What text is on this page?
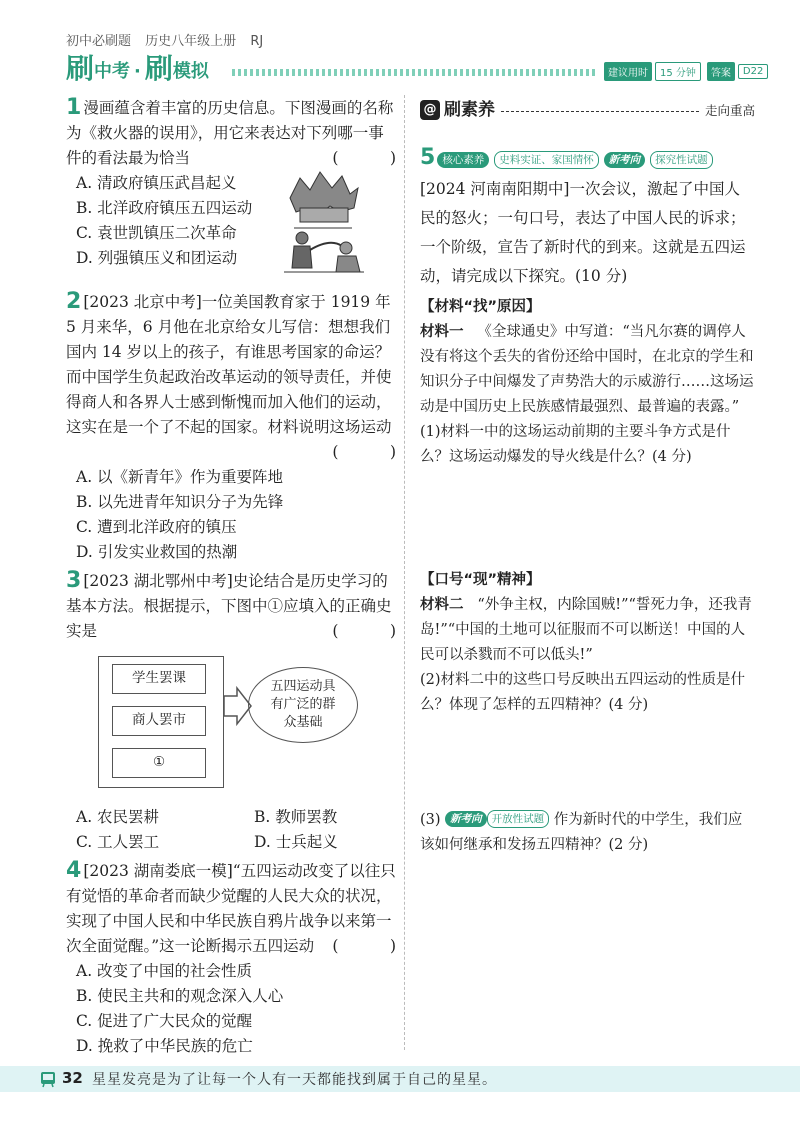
初中必刷题 历史八年级上册 RJ
刷 中考 · 刷 模拟	建议用时	15 分钟	答案	D22
1 漫画蕴含着丰富的历史信息。下图漫画的名称为《救火器的误用》，用它来表达对下列哪一事件的看法最为恰当	(　)
A. 清政府镇压武昌起义
B. 北洋政府镇压五四运动
C. 袁世凯镇压二次革命
D. 列强镇压义和团运动
2 [2023 北京中考]一位美国教育家于 1919 年 5 月来华，6 月他在北京给女儿写信：想想我们国内 14 岁以上的孩子，有谁思考国家的命运？而中国学生负起政治改革运动的领导责任，并使得商人和各界人士感到惭愧而加入他们的运动，这实在是一个了不起的国家。材料说明这场运动
(　)
A. 以《新青年》作为重要阵地
B. 以先进青年知识分子为先锋
C. 遭到北洋政府的镇压
D. 引发实业救国的热潮
3 [2023 湖北鄂州中考]史论结合是历史学习的基本方法。根据提示，下图中①应填入的正确史实是	(　)
学生罢课
商人罢市
①
五四运动具
有广泛的群
众基础
A. 农民罢耕	B. 教师罢教
C. 工人罢工	D. 士兵起义
4 [2023 湖南娄底一模]“五四运动改变了以往只有觉悟的革命者而缺少觉醒的人民大众的状况，实现了中国人民和中华民族自鸦片战争以来第一次全面觉醒。”这一论断揭示五四运动 (　)
A. 改变了中国的社会性质
B. 使民主共和的观念深入人心
C. 促进了广大民众的觉醒
D. 挽救了中华民族的危亡
@ 刷素养	走向重高
5 核心素养 史料实证、家国情怀 新考向 探究性试题 [2024 河南南阳期中]一次会议，激起了中国人民的怒火；一句口号，表达了中国人民的诉求；一个阶级，宣告了新时代的到来。这就是五四运动，请完成以下探究。(10 分)
【材料“找”原因】
材料一 《全球通史》中写道：“当凡尔赛的调停人没有将这个丢失的省份还给中国时，在北京的学生和知识分子中间爆发了声势浩大的示威游行……这场运动是中国历史上民族感情最强烈、最普遍的表露。”
(1)材料一中的这场运动前期的主要斗争方式是什么？这场运动爆发的导火线是什么？(4 分)
【口号“现”精神】
材料二 “外争主权，内除国贼!”“誓死力争，还我青岛!”“中国的土地可以征服而不可以断送！中国的人民可以杀戮而不可以低头!”
(2)材料二中的这些口号反映出五四运动的性质是什么？体现了怎样的五四精神？(4 分)
(3) 新考向 开放性试题 作为新时代的中学生，我们应该如何继承和发扬五四精神？(2 分)
32 星星发亮是为了让每一个人有一天都能找到属于自己的星星。
